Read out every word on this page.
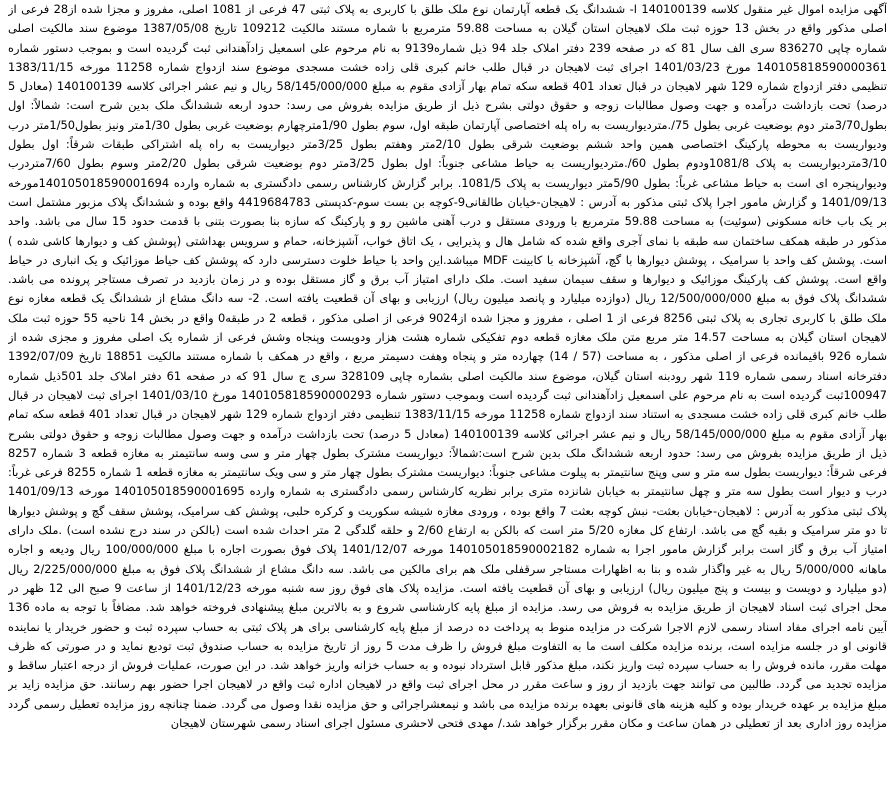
آگهی مزایده اموال غیر منقول کلاسه 140100139 ا- ششدانگ یک قطعه آپارتمان نوع ملک طلق با کاربری به پلاک ثبتی 47 فرعی از 1081 اصلی، مفروز و مجزا شده از28 فرعی از اصلی مذکور واقع در بخش 13 حوزه ثبت ملک لاهیجان استان گیلان به مساحت 59.88 مترمربع با شماره مستند مالکیت 109212 تاریخ 1387/05/08 موضوع سند مالکیت اصلی شماره چاپی 836270 سری الف سال 81 که در صفحه 239 دفتر املاک جلد 94 ذیل شماره9139 به نام مرحوم علی اسمعیل زادآهندانی ثبت گردیده است و بموجب دستور شماره 140105818590000361 مورخ 1401/03/23 اجرای ثبت لاهیجان در قبال طلب خانم کبری قلی زاده خشت مسجدی موضوع سند ازدواج شماره 11258 مورخه 1383/11/15 تنظیمی دفتر ازدواج شماره 129 شهر لاهیجان در قبال تعداد 401 قطعه سکه تمام بهار آزادی مقوم به مبلغ 58/145/000/000 ریال و نیم عشر اجرائی کلاسه 140100139 (معادل 5 درصد) تحت بازداشت درآمده و جهت وصول مطالبات زوجه و حقوق دولتی بشرح ذیل از طریق مزایده بفروش می رسد: حدود اربعه ششدانگ ملک بدین شرح است: شمالاً: اول بطول3/70متر دوم بوضعیت غربی بطول 75/.متردیواریست به راه پله اختصاصی آپارتمان طبقه اول، سوم بطول 1/90مترچهارم بوضعیت غربی بطول 1/30متر ونیز بطول1/50متر درب ودیواریست به محوطه پارکینگ اختصاصی همین واحد ششم بوضعیت شرقی بطول 2/10متر وهفتم بطول 3/25متر دیواریست به راه پله اشتراکی طبقات شرقاً: اول بطول 3/10متردیواریست به پلاک 1081/8ودوم بطول 60/.متردیواریست به حیاط مشاعی جنوباً: اول بطول 3/25متر دوم بوضعیت شرقی بطول 2/20متر وسوم بطول 7/60متردرب ودیوارپنجره ای است به حیاط مشاعی غرباً: بطول 5/90متر دیواریست به پلاک 1081/5. برابر گزارش کارشناس رسمی دادگستری به شماره وارده 140105018590001694مورخه 1401/09/13 و گزارش مامور اجرا پلاک ثبتی مذکور به آدرس : لاهیجان-خیابان طالقانی9-کوچه بن بست سوم-کدپستی 4419684783 واقع بوده و ششدانگ پلاک مزبور مشتمل است بر یک باب خانه مسکونی (سوئیت) به مساحت 59.88 مترمربع با ورودی مستقل و درب آهنی ماشین رو و پارکینگ که سازه بنا بصورت بتنی با قدمت حدود 15 سال می باشد. واحد مذکور در طبقه همکف ساختمان سه طبقه با نمای آجری واقع شده که شامل هال و پذیرایی ، یک اتاق خواب، آشپزخانه، حمام و سرویس بهداشتی (پوشش کف و دیوارها کاشی شده ) است. پوشش کف واحد با سرامیک ، پوشش دیوارها با گچ، آشپزخانه با کابینت MDF میباشد.این واحد با حیاط خلوت دسترسی دارد که پوشش کف حیاط موزائیک و یک انباری در حیاط واقع است. پوشش کف پارکینگ موزائیک و دیوارها و سقف سیمان سفید است. ملک دارای امتیاز آب برق و گاز مستقل بوده و در زمان بازدید در تصرف مستاجر پرونده می باشد. ششدانگ پلاک فوق به مبلغ 12/500/000/000 ریال (دوازده میلیارد و پانصد میلیون ریال) ارزیابی و بهای آن قطعیت یافته است. 2- سه دانگ مشاع از ششدانگ یک قطعه مغازه نوع ملک طلق با کاربری تجاری به پلاک ثبتی 8256 فرعی از 1 اصلی ، مفروز و مجزا شده از9024 فرعی از اصلی مذکور ، قطعه 2 در طبقه0 واقع در بخش 14 ناحیه 55 حوزه ثبت ملک لاهیجان استان گیلان به مساحت 14.57 متر مربع متن ملک مغازه قطعه دوم تفکیکی شماره هشت هزار ودویست وپنجاه وشش فرعی از شماره یک اصلی مفروز و مجزی شده از شماره 926 باقیمانده فرعی از اصلی مذکور ، به مساحت (57 / 14) چهارده متر و پنجاه وهفت دسیمتر مربع ، واقع در همکف با شماره مستند مالکیت 18851 تاریخ 1392/07/09 دفترخانه اسناد رسمی شماره 119 شهر رودبنه استان گیلان، موضوع سند مالکیت اصلی بشماره چاپی 328109 سری ج سال 91 که در صفحه 61 دفتر املاک جلد 501ذیل شماره 100947ثبت گردیده است به نام مرحوم علی اسمعیل زادآهندانی ثبت گردیده است وبموجب دستور شماره 140105818590000293 مورخ 1401/03/10 اجرای ثبت لاهیجان در قبال طلب خانم کبری قلی زاده خشت مسجدی به استناد سند ازدواج شماره 11258 مورخه 1383/11/15 تنظیمی دفتر ازدواج شماره 129 شهر لاهیجان در قبال تعداد 401 قطعه سکه تمام بهار آزادی مقوم به مبلغ 58/145/000/000 ریال و نیم عشر اجرائی کلاسه 140100139 (معادل 5 درصد) تحت بازداشت درآمده و جهت وصول مطالبات زوجه و حقوق دولتی بشرح ذیل از طریق مزایده بفروش می رسد: حدود اربعه ششدانگ ملک بدین شرح است:شمالاً: دیواریست مشترک بطول چهار متر و سی وسه سانتیمتر به مغازه قطعه 3 شماره 8257 فرعی شرقاً: دیواریست بطول سه متر و سی وپنج سانتیمتر به پیلوت مشاعی جنوباً: دیواریست مشترک بطول چهار متر و سی ویک سانتیمتر به مغازه قطعه 1 شماره 8255 فرعی غرباً: درب و دیوار است بطول سه متر و چهل سانتیمتر به خیابان شانزده متری برابر نظریه کارشناس رسمی دادگستری به شماره وارده 140105018590001695 مورخه 1401/09/13 پلاک ثبتی مذکور به آدرس : لاهیجان-خیابان بعثت- نبش کوچه بعثت 7 واقع بوده ، ورودی مغازه شیشه سکوریت و کرکره حلبی، پوشش کف سرامیک، پوشش سقف گچ و پوشش دیوارها تا دو متر سرامیک و بقیه گچ می باشد. ارتفاع کل مغازه 5/20 متر است که بالکن به ارتفاع 2/60 و حلقه گلدگی 2 متر احداث شده است (بالکن در سند درج نشده است) .ملک دارای امتیاز آب برق و گاز است برابر گزارش مامور اجرا به شماره 140105018590002182 مورخه 1401/12/07 پلاک فوق بصورت اجاره با مبلغ 100/000/000 ریال ودیعه و اجاره ماهانه 5/000/000 ریال به غیر واگذار شده و بنا به اظهارات مستاجر سرقفلی ملک هم برای مالکین می باشد. سه دانگ مشاع از ششدانگ پلاک فوق به مبلغ 2/225/000/000 ریال (دو میلیارد و دویست و بیست و پنج میلیون ریال) ارزیابی و بهای آن قطعیت یافته است. مزایده پلاک های فوق روز سه شنبه مورخه 1401/12/23 از ساعت 9 صبح الی 12 ظهر در محل اجرای ثبت اسناد لاهیجان از طریق مزایده به فروش می رسد. مزایده از مبلغ پایه کارشناسی شروع و به بالاترین مبلغ پیشنهادی فروخته خواهد شد. مضافاً با توجه به ماده 136 آیین نامه اجرای مفاد اسناد رسمی لازم الاجرا شرکت در مزایده منوط به پرداخت ده درصد از مبلغ پایه کارشناسی برای هر پلاک ثبتی به حساب سپرده ثبت و حضور خریدار یا نماینده قانونی او در جلسه مزایده است، برنده مزایده مکلف است ما به التفاوت مبلغ فروش را ظرف مدت 5 روز از تاریخ مزایده به حساب صندوق ثبت تودیع نماید و در صورتی که ظرف مهلت مقرر، مانده فروش را به حساب سپرده ثبت واریز نکند، مبلغ مذکور قابل استرداد نبوده و به حساب خزانه واریز خواهد شد. در این صورت، عملیات فروش از درجه اعتبار ساقط و مزایده تجدید می گردد. طالبین می توانند جهت بازدید از روز و ساعت مقرر در محل اجرای ثبت واقع در لاهیجان اداره ثبت واقع در لاهیجان اجرا حضور بهم رسانند. حق مزایده زاید بر مبلغ مزایده بر عهده خریدار بوده و کلیه هزینه های قانونی بعهده برنده مزایده می باشد و نیمعشراجرائی و حق مزایده نقدا وصول می گردد. ضمنا چنانچه روز مزایده تعطیل رسمی گردد مزایده روز اداری بعد از تعطیلی در همان ساعت و مکان مقرر برگزار خواهد شد./ مهدی فتحی لاحشری مسئول اجرای اسناد رسمی شهرستان لاهیجان
